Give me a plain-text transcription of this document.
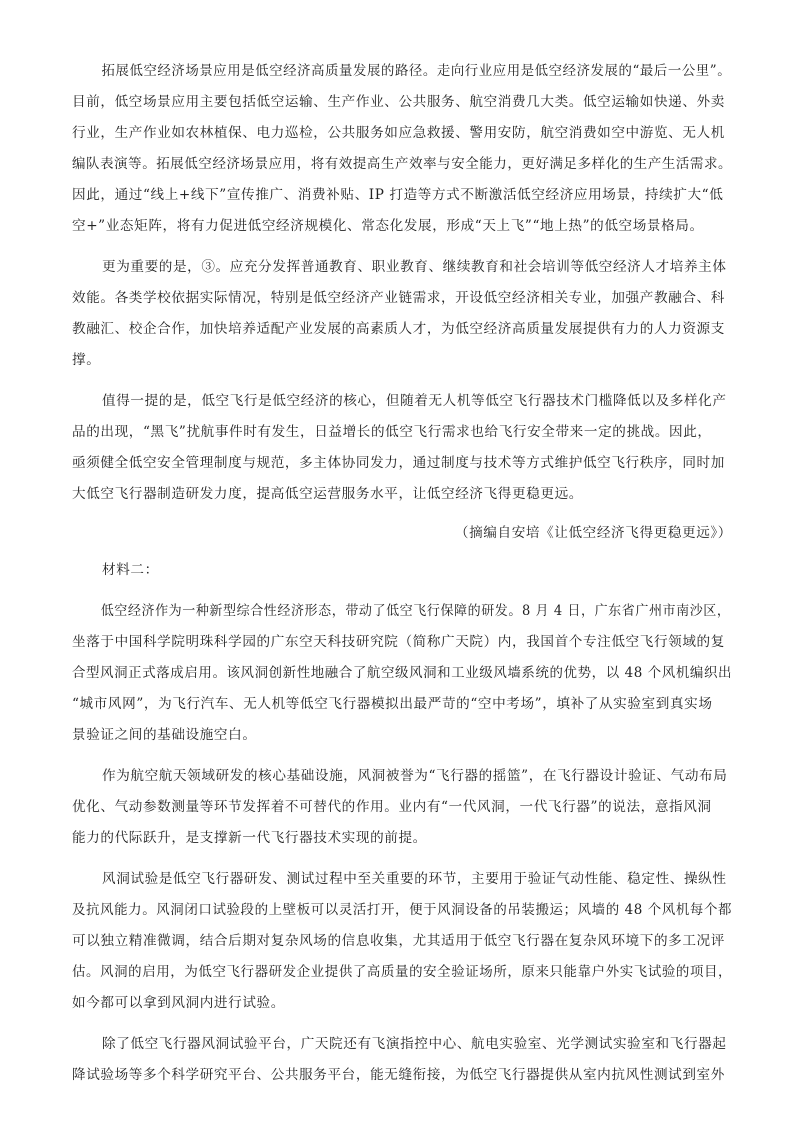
拓展低空经济场景应用是低空经济高质量发展的路径。走向行业应用是低空经济发展的“最后一公里”。
目前，低空场景应用主要包括低空运输、生产作业、公共服务、航空消费几大类。低空运输如快递、外卖
行业，生产作业如农林植保、电力巡检，公共服务如应急救援、警用安防，航空消费如空中游览、无人机
编队表演等。拓展低空经济场景应用，将有效提高生产效率与安全能力，更好满足多样化的生产生活需求。
因此，通过“线上+线下”宣传推广、消费补贴、IP 打造等方式不断激活低空经济应用场景，持续扩大“低
空+”业态矩阵，将有力促进低空经济规模化、常态化发展，形成“天上飞”“地上热”的低空场景格局。
更为重要的是，③。应充分发挥普通教育、职业教育、继续教育和社会培训等低空经济人才培养主体
效能。各类学校依据实际情况，特别是低空经济产业链需求，开设低空经济相关专业，加强产教融合、科
教融汇、校企合作，加快培养适配产业发展的高素质人才，为低空经济高质量发展提供有力的人力资源支
撑。
值得一提的是，低空飞行是低空经济的核心，但随着无人机等低空飞行器技术门槛降低以及多样化产
品的出现，“黑飞”扰航事件时有发生，日益增长的低空飞行需求也给飞行安全带来一定的挑战。因此，
亟须健全低空安全管理制度与规范，多主体协同发力，通过制度与技术等方式维护低空飞行秩序，同时加
大低空飞行器制造研发力度，提高低空运营服务水平，让低空经济飞得更稳更远。
（摘编自安培《让低空经济飞得更稳更远》）
材料二：
低空经济作为一种新型综合性经济形态，带动了低空飞行保障的研发。8 月 4 日，广东省广州市南沙区，
坐落于中国科学院明珠科学园的广东空天科技研究院（简称广天院）内，我国首个专注低空飞行领域的复
合型风洞正式落成启用。该风洞创新性地融合了航空级风洞和工业级风墙系统的优势，以 48 个风机编织出
“城市风网”，为飞行汽车、无人机等低空飞行器模拟出最严苛的“空中考场”，填补了从实验室到真实场
景验证之间的基础设施空白。
作为航空航天领域研发的核心基础设施，风洞被誉为“飞行器的摇篮”，在飞行器设计验证、气动布局
优化、气动参数测量等环节发挥着不可替代的作用。业内有“一代风洞，一代飞行器”的说法，意指风洞
能力的代际跃升，是支撑新一代飞行器技术实现的前提。
风洞试验是低空飞行器研发、测试过程中至关重要的环节，主要用于验证气动性能、稳定性、操纵性
及抗风能力。风洞闭口试验段的上壁板可以灵活打开，便于风洞设备的吊装搬运；风墙的 48 个风机每个都
可以独立精准微调，结合后期对复杂风场的信息收集，尤其适用于低空飞行器在复杂风环境下的多工况评
估。风洞的启用，为低空飞行器研发企业提供了高质量的安全验证场所，原来只能靠户外实飞试验的项目，
如今都可以拿到风洞内进行试验。
除了低空飞行器风洞试验平台，广天院还有飞演指控中心、航电实验室、光学测试实验室和飞行器起
降试验场等多个科学研究平台、公共服务平台，能无缝衔接，为低空飞行器提供从室内抗风性测试到室外
